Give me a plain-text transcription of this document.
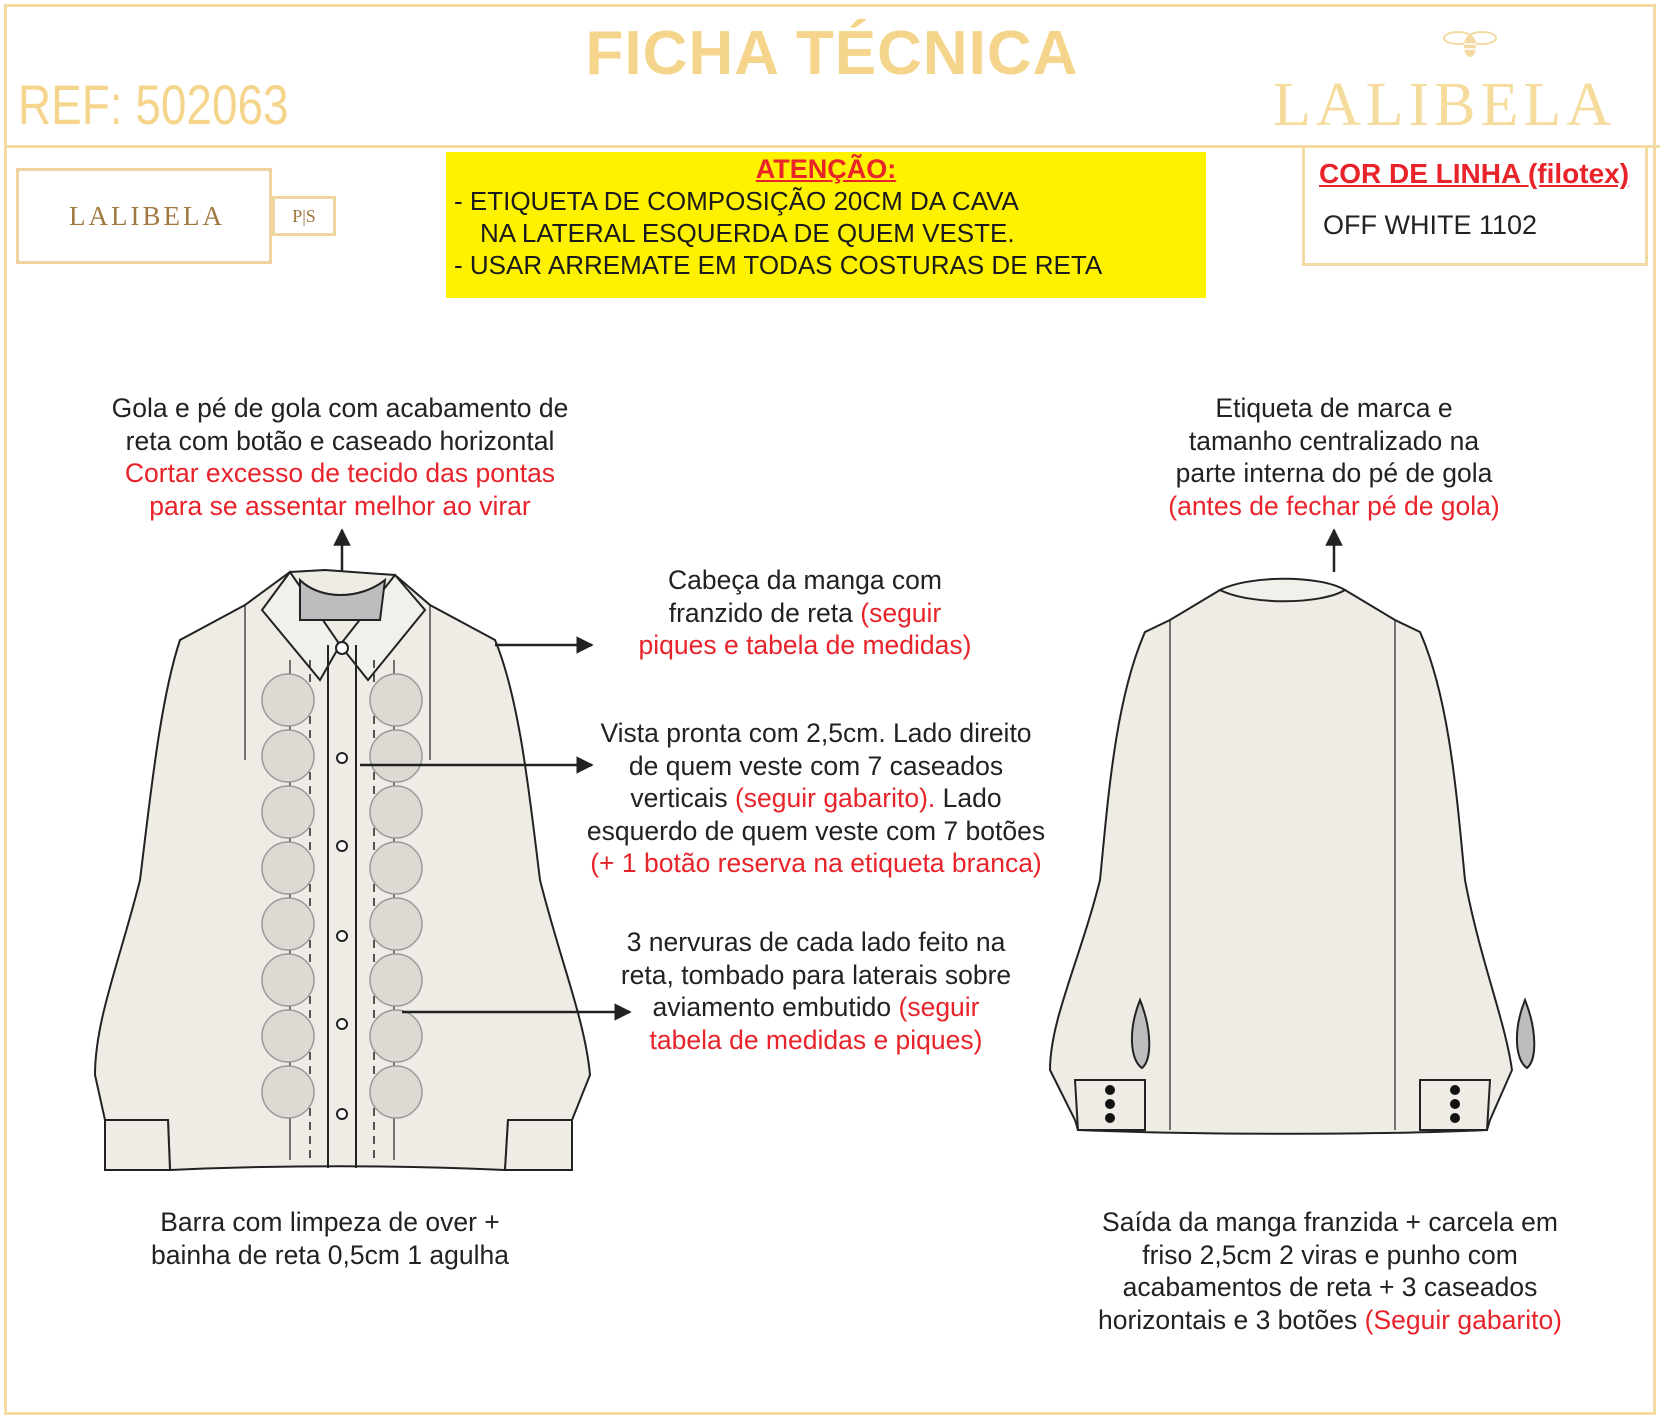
FICHA TÉCNICA
REF: 502063	LALIBELA
LALIBELA	P|S
ATENÇÃO:
- ETIQUETA DE COMPOSIÇÃO 20CM DA CAVA
NA LATERAL ESQUERDA DE QUEM VESTE.
- USAR ARREMATE EM TODAS COSTURAS DE RETA
COR DE LINHA (filotex)
OFF WHITE 1102
Gola e pé de gola com acabamento de
reta com botão e caseado horizontal
Cortar excesso de tecido das pontas
para se assentar melhor ao virar
Etiqueta de marca e
tamanho centralizado na
parte interna do pé de gola
(antes de fechar pé de gola)
Cabeça da manga com
franzido de reta (seguir
piques e tabela de medidas)
Vista pronta com 2,5cm. Lado direito
de quem veste com 7 caseados
verticais (seguir gabarito). Lado
esquerdo de quem veste com 7 botões
(+ 1 botão reserva na etiqueta branca)
3 nervuras de cada lado feito na
reta, tombado para laterais sobre
aviamento embutido (seguir
tabela de medidas e piques)
Barra com limpeza de over +
bainha de reta 0,5cm 1 agulha
Saída da manga franzida + carcela em
friso 2,5cm 2 viras e punho com
acabamentos de reta + 3 caseados
horizontais e 3 botões (Seguir gabarito)
